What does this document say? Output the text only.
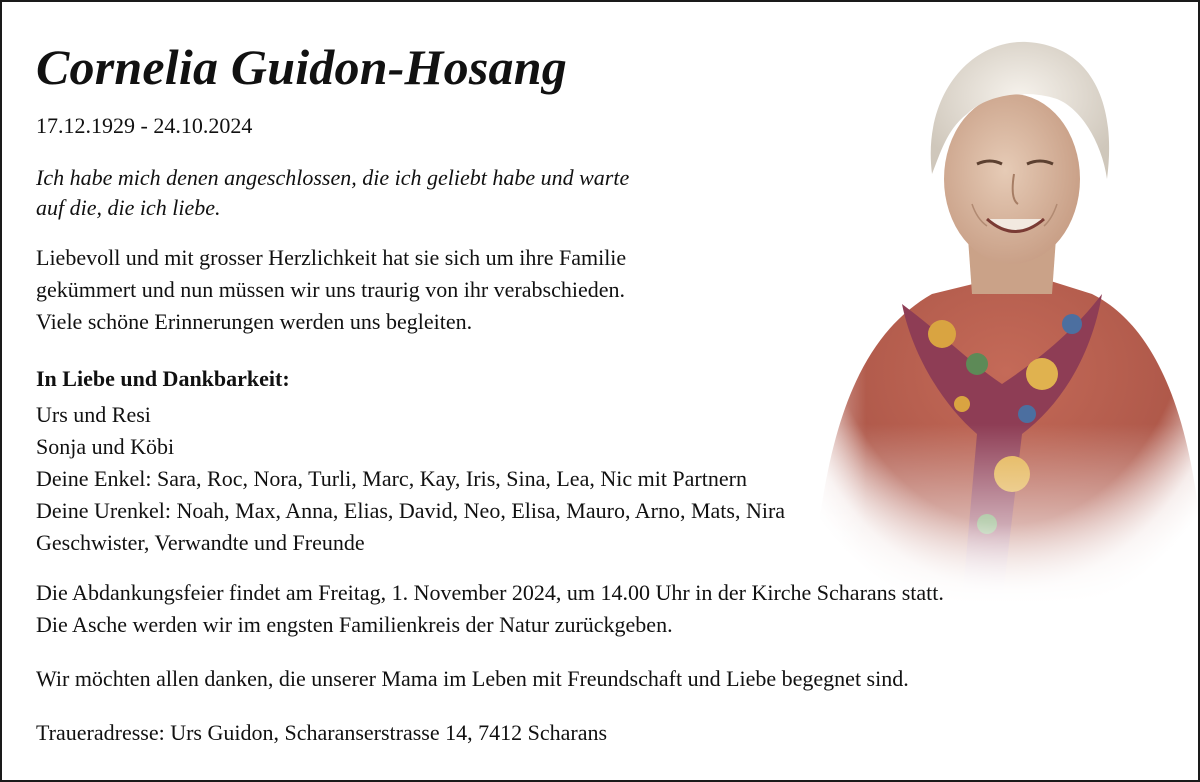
Cornelia Guidon-Hosang
17.12.1929 - 24.10.2024
Ich habe mich denen angeschlossen, die ich geliebt habe und warte
auf die, die ich liebe.
Liebevoll und mit grosser Herzlichkeit hat sie sich um ihre Familie
gekümmert und nun müssen wir uns traurig von ihr verabschieden.
Viele schöne Erinnerungen werden uns begleiten.
In Liebe und Dankbarkeit:
Urs und Resi
Sonja und Köbi
Deine Enkel: Sara, Roc, Nora, Turli, Marc, Kay, Iris, Sina, Lea, Nic mit Partnern
Deine Urenkel: Noah, Max, Anna, Elias, David, Neo, Elisa, Mauro, Arno, Mats, Nira
Geschwister, Verwandte und Freunde
Die Abdankungsfeier findet am Freitag, 1. November 2024, um 14.00 Uhr in der Kirche Scharans statt.
Die Asche werden wir im engsten Familienkreis der Natur zurückgeben.
Wir möchten allen danken, die unserer Mama im Leben mit Freundschaft und Liebe begegnet sind.
Traueradresse: Urs Guidon, Scharanserstrasse 14, 7412 Scharans
